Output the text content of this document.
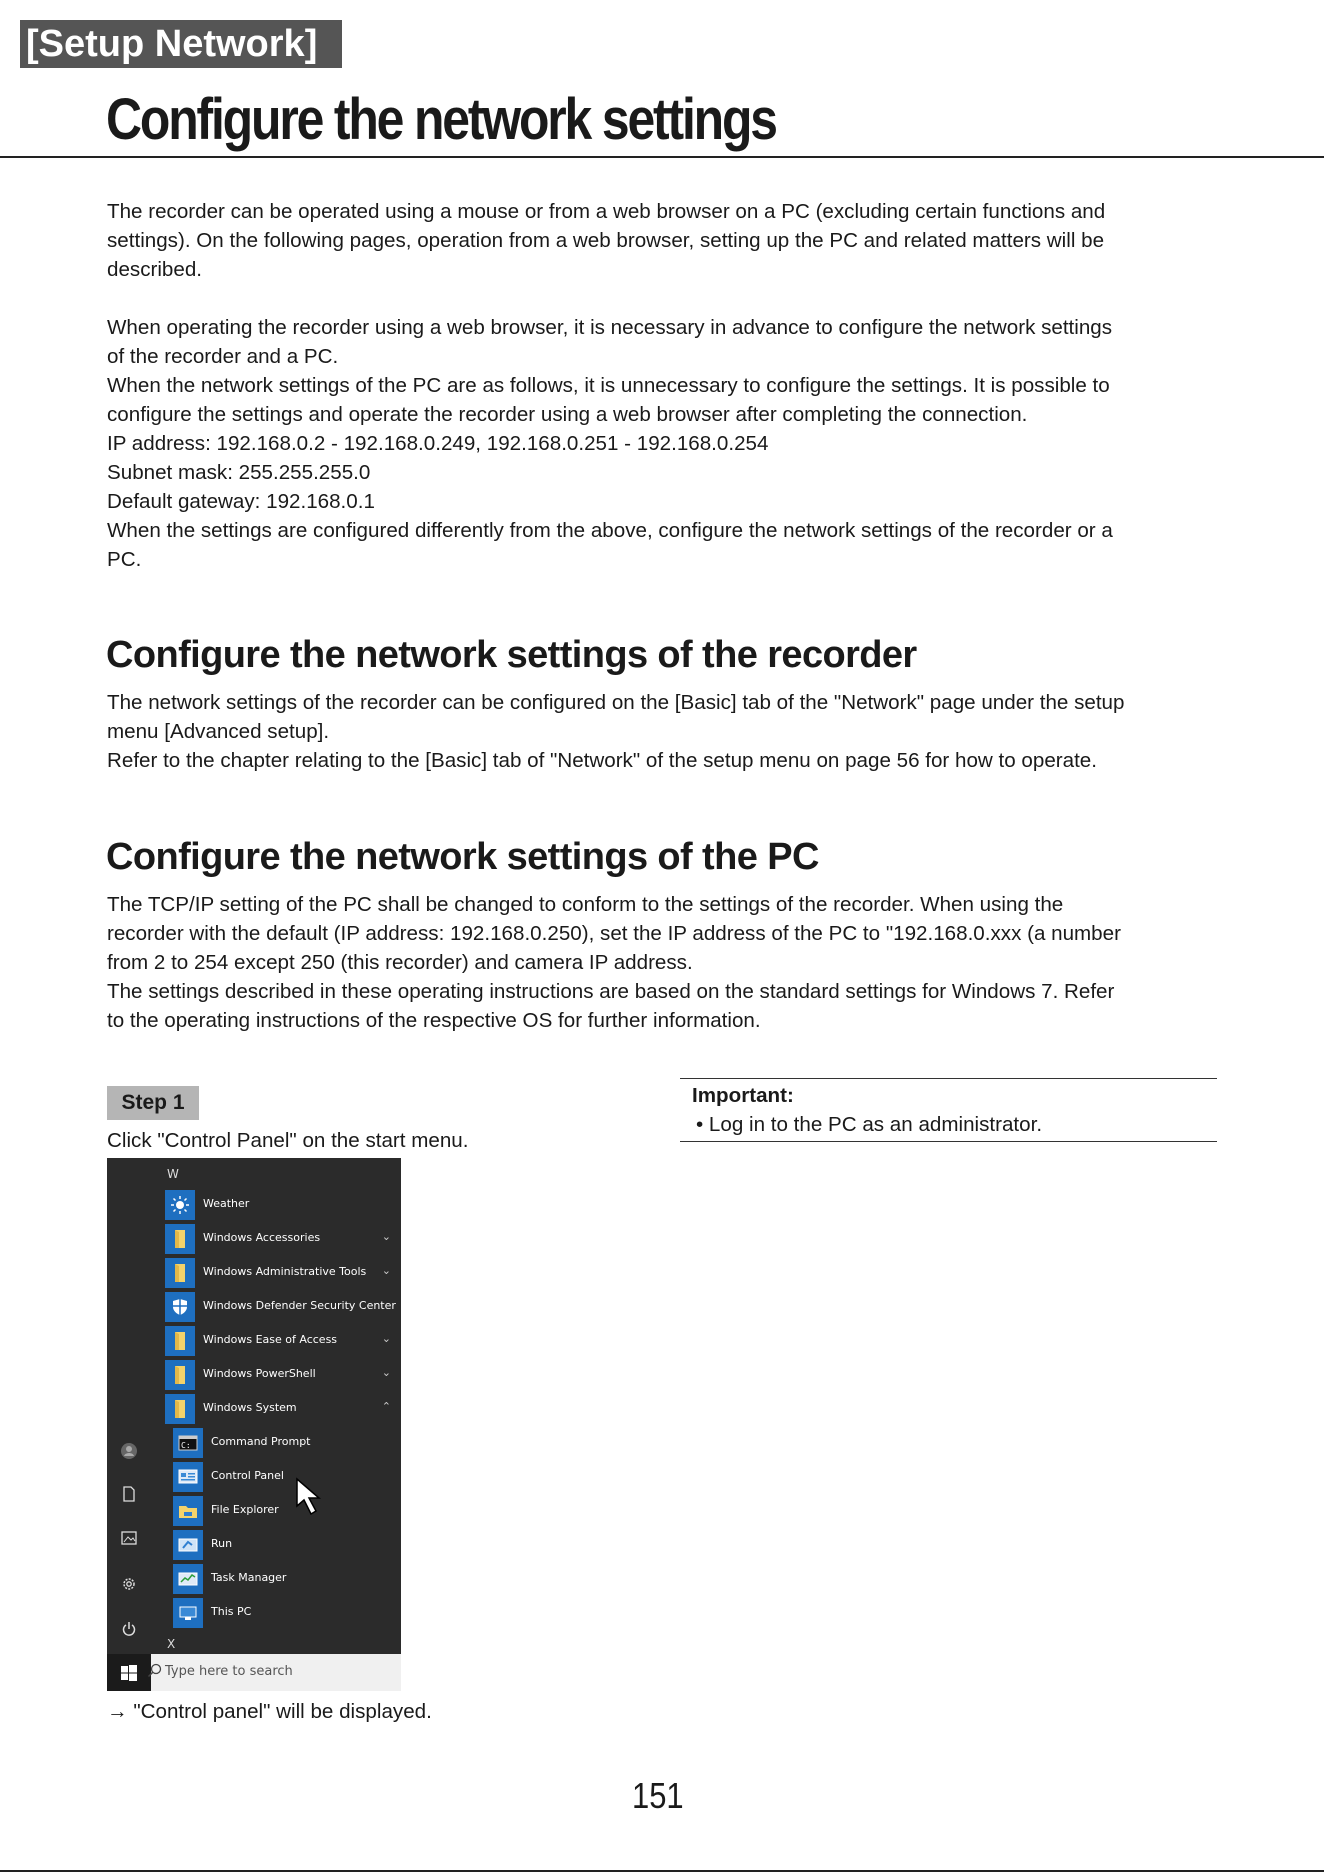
[Setup Network]
Configure the network settings
The recorder can be operated using a mouse or from a web browser on a PC (excluding certain functions and
settings). On the following pages, operation from a web browser, setting up the PC and related matters will be
described.
When operating the recorder using a web browser, it is necessary in advance to configure the network settings
of the recorder and a PC.
When the network settings of the PC are as follows, it is unnecessary to configure the settings. It is possible to
configure the settings and operate the recorder using a web browser after completing the connection.
IP address: 192.168.0.2 - 192.168.0.249, 192.168.0.251 - 192.168.0.254
Subnet mask: 255.255.255.0
Default gateway: 192.168.0.1
When the settings are configured differently from the above, configure the network settings of the recorder or a
PC.
Configure the network settings of the recorder
The network settings of the recorder can be configured on the [Basic] tab of the "Network" page under the setup
menu [Advanced setup].
Refer to the chapter relating to the [Basic] tab of "Network" of the setup menu on page 56 for how to operate.
Configure the network settings of the PC
The TCP/IP setting of the PC shall be changed to conform to the settings of the recorder. When using the
recorder with the default (IP address: 192.168.0.250), set the IP address of the PC to "192.168.0.xxx (a number
from 2 to 254 except 250 (this recorder) and camera IP address.
The settings described in these operating instructions are based on the standard settings for Windows 7. Refer
to the operating instructions of the respective OS for further information.
Step 1
Click "Control Panel" on the start menu.
Important:
• Log in to the PC as an administrator.
W
Weather
Windows Accessories	⌄
Windows Administrative Tools ⌄
Windows Defender Security Center
Windows Ease of Access	⌄
Windows PowerShell	⌄
Windows System	⌃
C: Command Prompt
Control Panel
File Explorer
Run
Task Manager
This PC
X
Type here to search
→ "Control panel" will be displayed.
151
